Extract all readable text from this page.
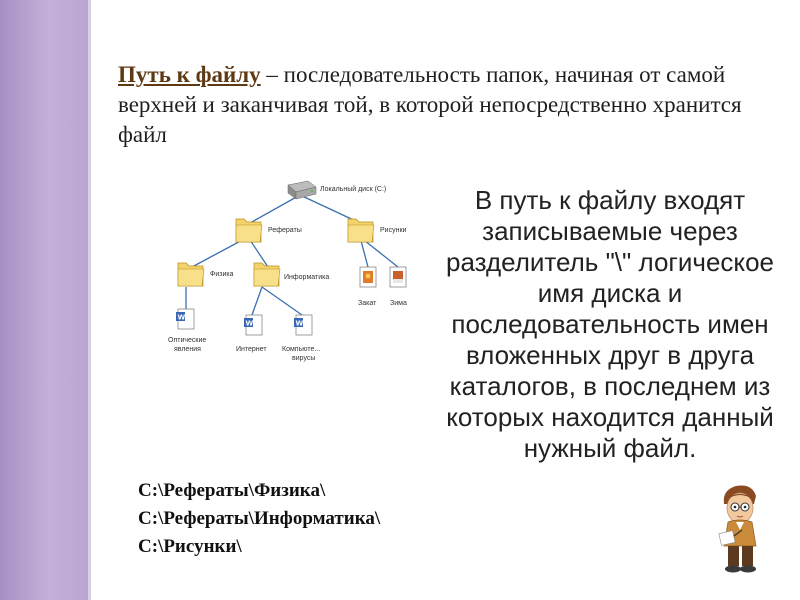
Путь к файлу – последовательность папок, начиная от самой верхней и заканчивая той, в которой непосредственно хранится файл

Локальный диск (C:)
Рефераты	Рисунки
Физика	Информатика
Закат Зима
W
Оптические
явления
W
Интернет
W
Компьюте...
вирусы

В путь к файлу входят записываемые через разделитель "\" логическое имя диска и последовательность имен вложенных друг в друга каталогов, в последнем из которых находится данный нужный файл.

С:\Рефераты\Физика\
С:\Рефераты\Информатика\
С:\Рисунки\
